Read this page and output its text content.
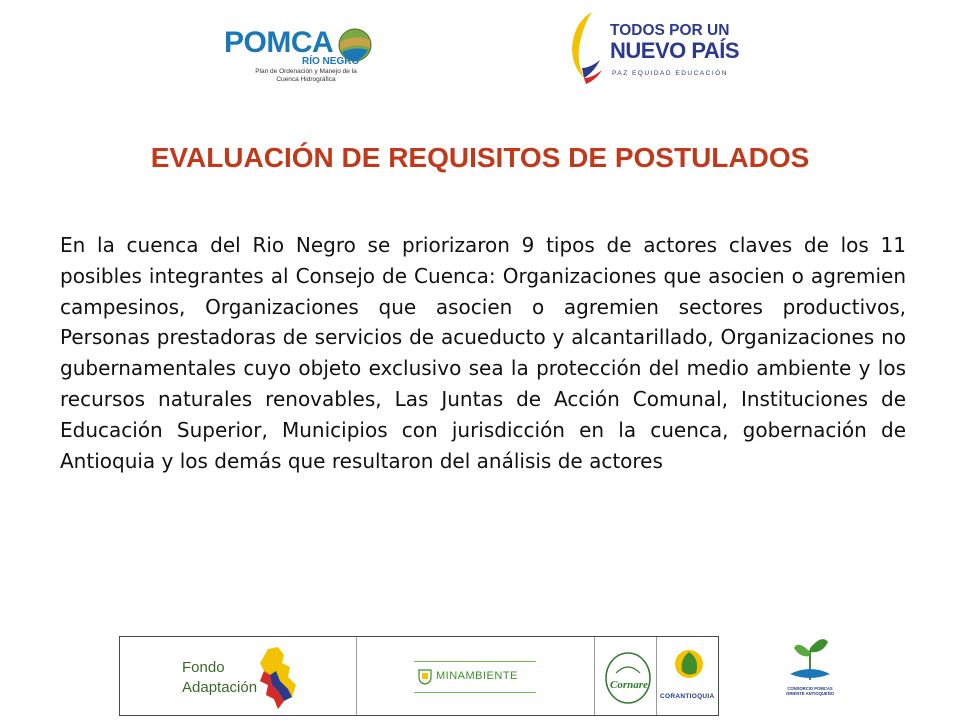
POMCA
RÍO NEGRO
Plan de Ordenación y Manejo de la Cuenca Hidrográfica
TODOS POR UN
NUEVO PAÍS
PAZ EQUIDAD EDUCACIÓN
EVALUACIÓN DE REQUISITOS DE POSTULADOS

En la cuenca del Rio Negro se priorizaron 9 tipos de actores claves de los 11 posibles integrantes al Consejo de Cuenca: Organizaciones que asocien o agremien campesinos, Organizaciones que asocien o agremien sectores productivos, Personas prestadoras de servicios de acueducto y alcantarillado, Organizaciones no gubernamentales cuyo objeto exclusivo sea la protección del medio ambiente y los recursos naturales renovables, Las Juntas de Acción Comunal, Instituciones de Educación Superior, Municipios con jurisdicción en la cuenca, gobernación de Antioquia y los demás que resultaron del análisis de actores

Fondo
Adaptación
MINAMBIENTE
Cornare
CORANTIOQUIA
CONSORCIO POMCAS ORIENTE ANTIOQUEÑO
